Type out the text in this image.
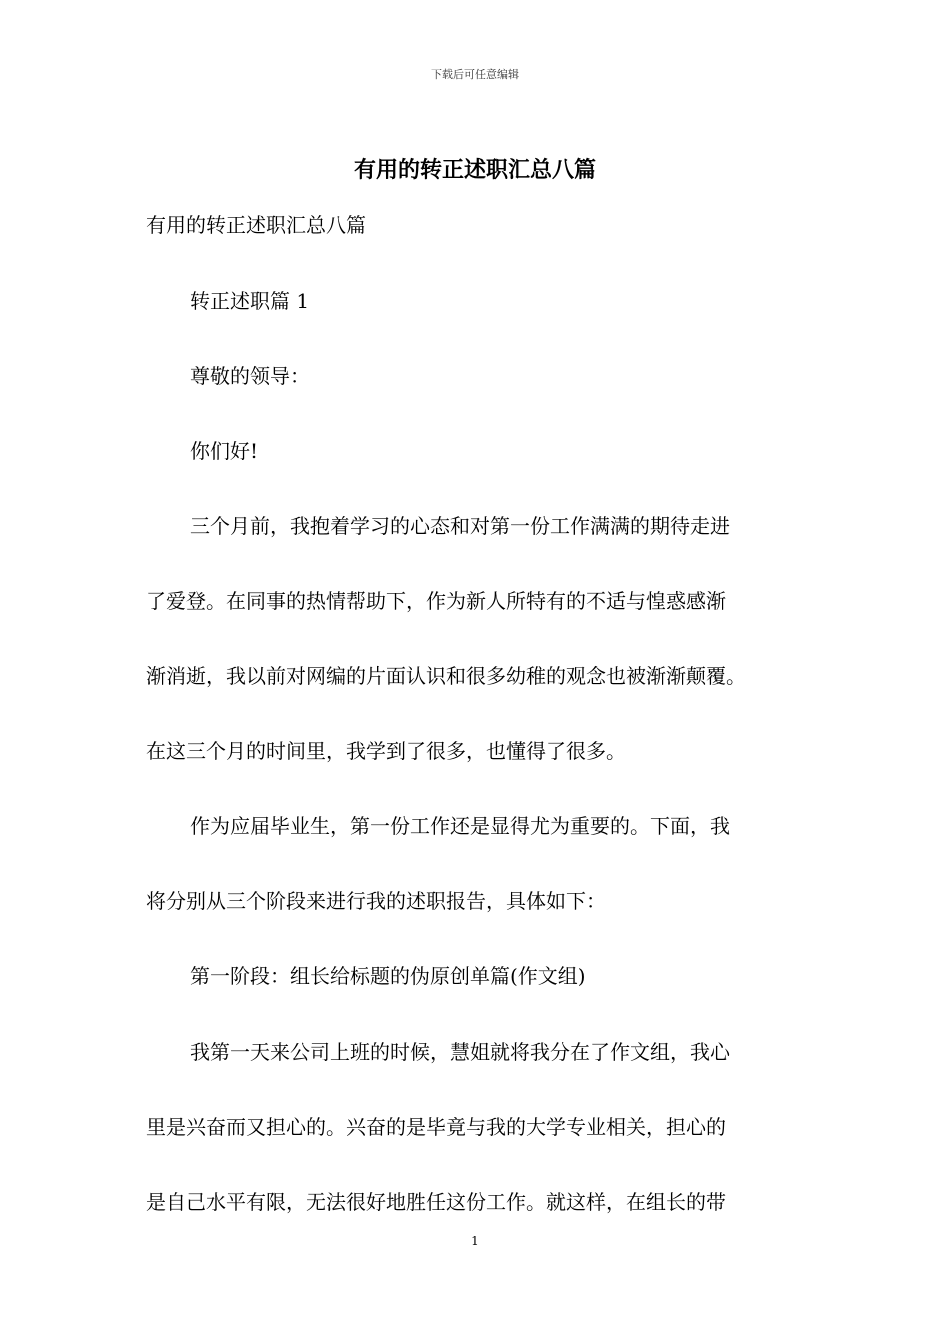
下载后可任意编辑
有用的转正述职汇总八篇
有用的转正述职汇总八篇
转正述职篇 1
尊敬的领导：
你们好!
三个月前，我抱着学习的心态和对第一份工作满满的期待走进
了爱登。在同事的热情帮助下，作为新人所特有的不适与惶惑感渐
渐消逝，我以前对网编的片面认识和很多幼稚的观念也被渐渐颠覆。
在这三个月的时间里，我学到了很多，也懂得了很多。
作为应届毕业生，第一份工作还是显得尤为重要的。下面，我
将分别从三个阶段来进行我的述职报告，具体如下：
第一阶段：组长给标题的伪原创单篇(作文组)
我第一天来公司上班的时候，慧姐就将我分在了作文组，我心
里是兴奋而又担心的。兴奋的是毕竟与我的大学专业相关，担心的
是自己水平有限，无法很好地胜任这份工作。就这样，在组长的带
1
